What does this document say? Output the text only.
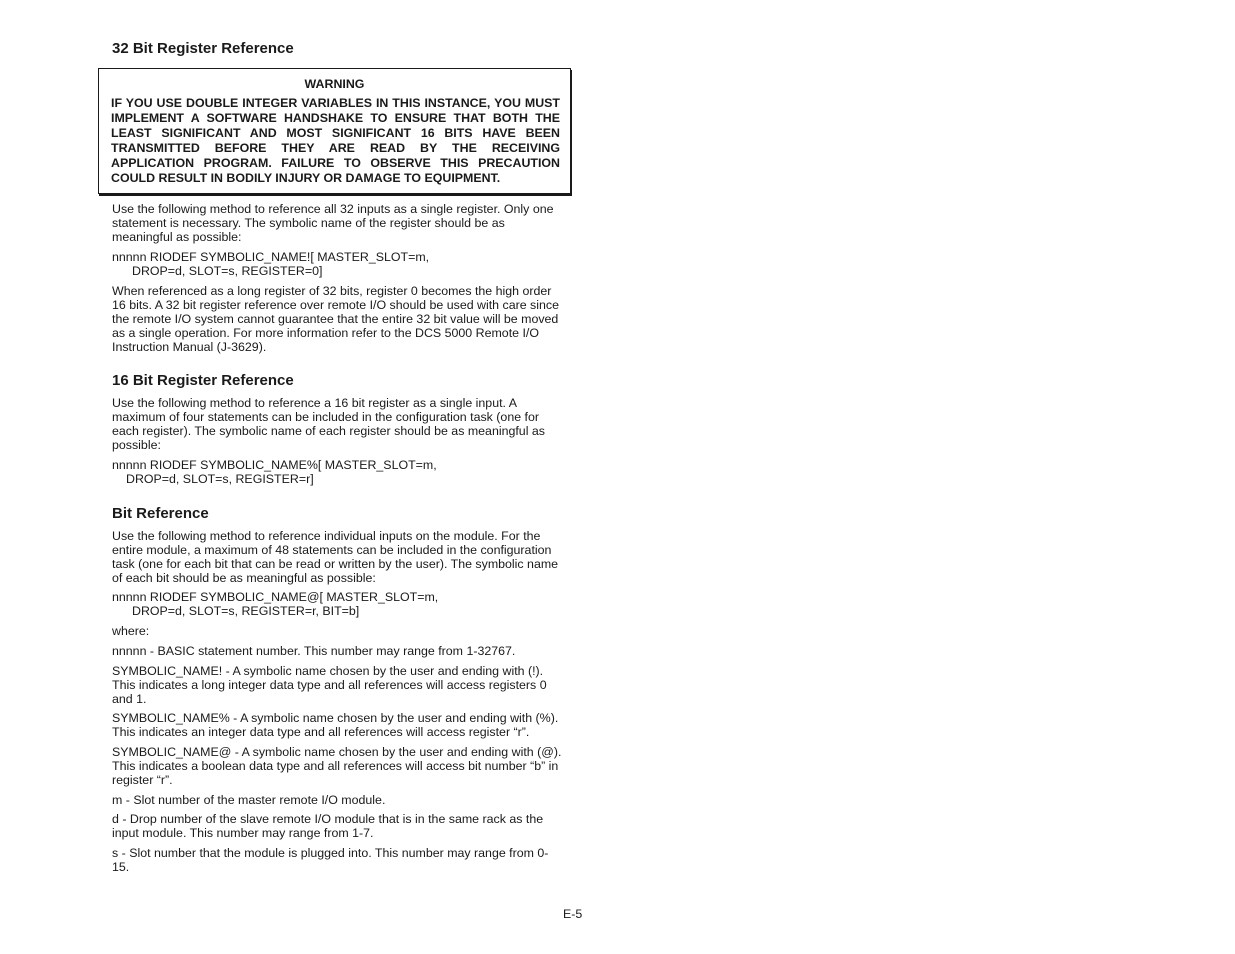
32 Bit Register Reference
WARNING
IF YOU USE DOUBLE INTEGER VARIABLES IN THIS INSTANCE, YOU MUST IMPLEMENT A SOFTWARE HANDSHAKE TO ENSURE THAT BOTH THE LEAST SIGNIFICANT AND MOST SIGNIFICANT 16 BITS HAVE BEEN TRANSMITTED BEFORE THEY ARE READ BY THE RECEIVING APPLICATION PROGRAM. FAILURE TO OBSERVE THIS PRECAUTION COULD RESULT IN BODILY INJURY OR DAMAGE TO EQUIPMENT.

Use the following method to reference all 32 inputs as a single register. Only one statement is necessary. The symbolic name of the register should be as meaningful as possible:

nnnnn RIODEF SYMBOLIC_NAME![ MASTER_SLOT=m,
DROP=d, SLOT=s, REGISTER=0]

When referenced as a long register of 32 bits, register 0 becomes the high order 16 bits. A 32 bit register reference over remote I/O should be used with care since the remote I/O system cannot guarantee that the entire 32 bit value will be moved as a single operation. For more information refer to the DCS 5000 Remote I/O Instruction Manual (J-3629).

16 Bit Register Reference

Use the following method to reference a 16 bit register as a single input. A maximum of four statements can be included in the configuration task (one for each register). The symbolic name of each register should be as meaningful as possible:

nnnnn RIODEF SYMBOLIC_NAME%[ MASTER_SLOT=m,
DROP=d, SLOT=s, REGISTER=r]
Bit Reference

Use the following method to reference individual inputs on the module. For the entire module, a maximum of 48 statements can be included in the configuration task (one for each bit that can be read or written by the user). The symbolic name of each bit should be as meaningful as possible:

nnnnn RIODEF SYMBOLIC_NAME@[ MASTER_SLOT=m,
DROP=d, SLOT=s, REGISTER=r, BIT=b]

where:

nnnnn - BASIC statement number. This number may range from 1-32767.

SYMBOLIC_NAME! - A symbolic name chosen by the user and ending with (!). This indicates a long integer data type and all references will access registers 0 and 1.

SYMBOLIC_NAME% - A symbolic name chosen by the user and ending with (%). This indicates an integer data type and all references will access register “r”.

SYMBOLIC_NAME@ - A symbolic name chosen by the user and ending with (@). This indicates a boolean data type and all references will access bit number “b” in register “r”.

m - Slot number of the master remote I/O module.

d - Drop number of the slave remote I/O module that is in the same rack as the input module. This number may range from 1-7.

s - Slot number that the module is plugged into. This number may range from 0-15.

E-5
